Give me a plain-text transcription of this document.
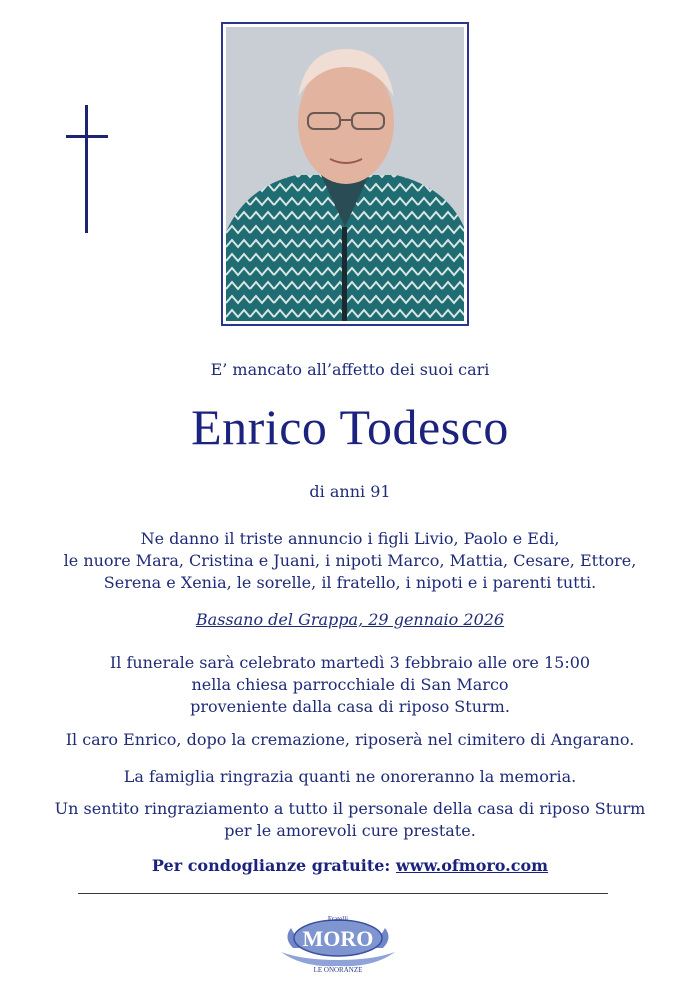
E’ mancato all’affetto dei suoi cari
Enrico Todesco
di anni 91
Ne danno il triste annuncio i figli Livio, Paolo e Edi,
le nuore Mara, Cristina e Juani, i nipoti Marco, Mattia, Cesare, Ettore,
Serena e Xenia, le sorelle, il fratello, i nipoti e i parenti tutti.
Bassano del Grappa, 29 gennaio 2026
Il funerale sarà celebrato martedì 3 febbraio alle ore 15:00
nella chiesa parrocchiale di San Marco
proveniente dalla casa di riposo Sturm.
Il caro Enrico, dopo la cremazione, riposerà nel cimitero di Angarano.
La famiglia ringrazia quanti ne onoreranno la memoria.
Un sentito ringraziamento a tutto il personale della casa di riposo Sturm
per le amorevoli cure prestate.
Per condoglianze gratuite: www.ofmoro.com
Fratelli
MORO
LE ONORANZE
